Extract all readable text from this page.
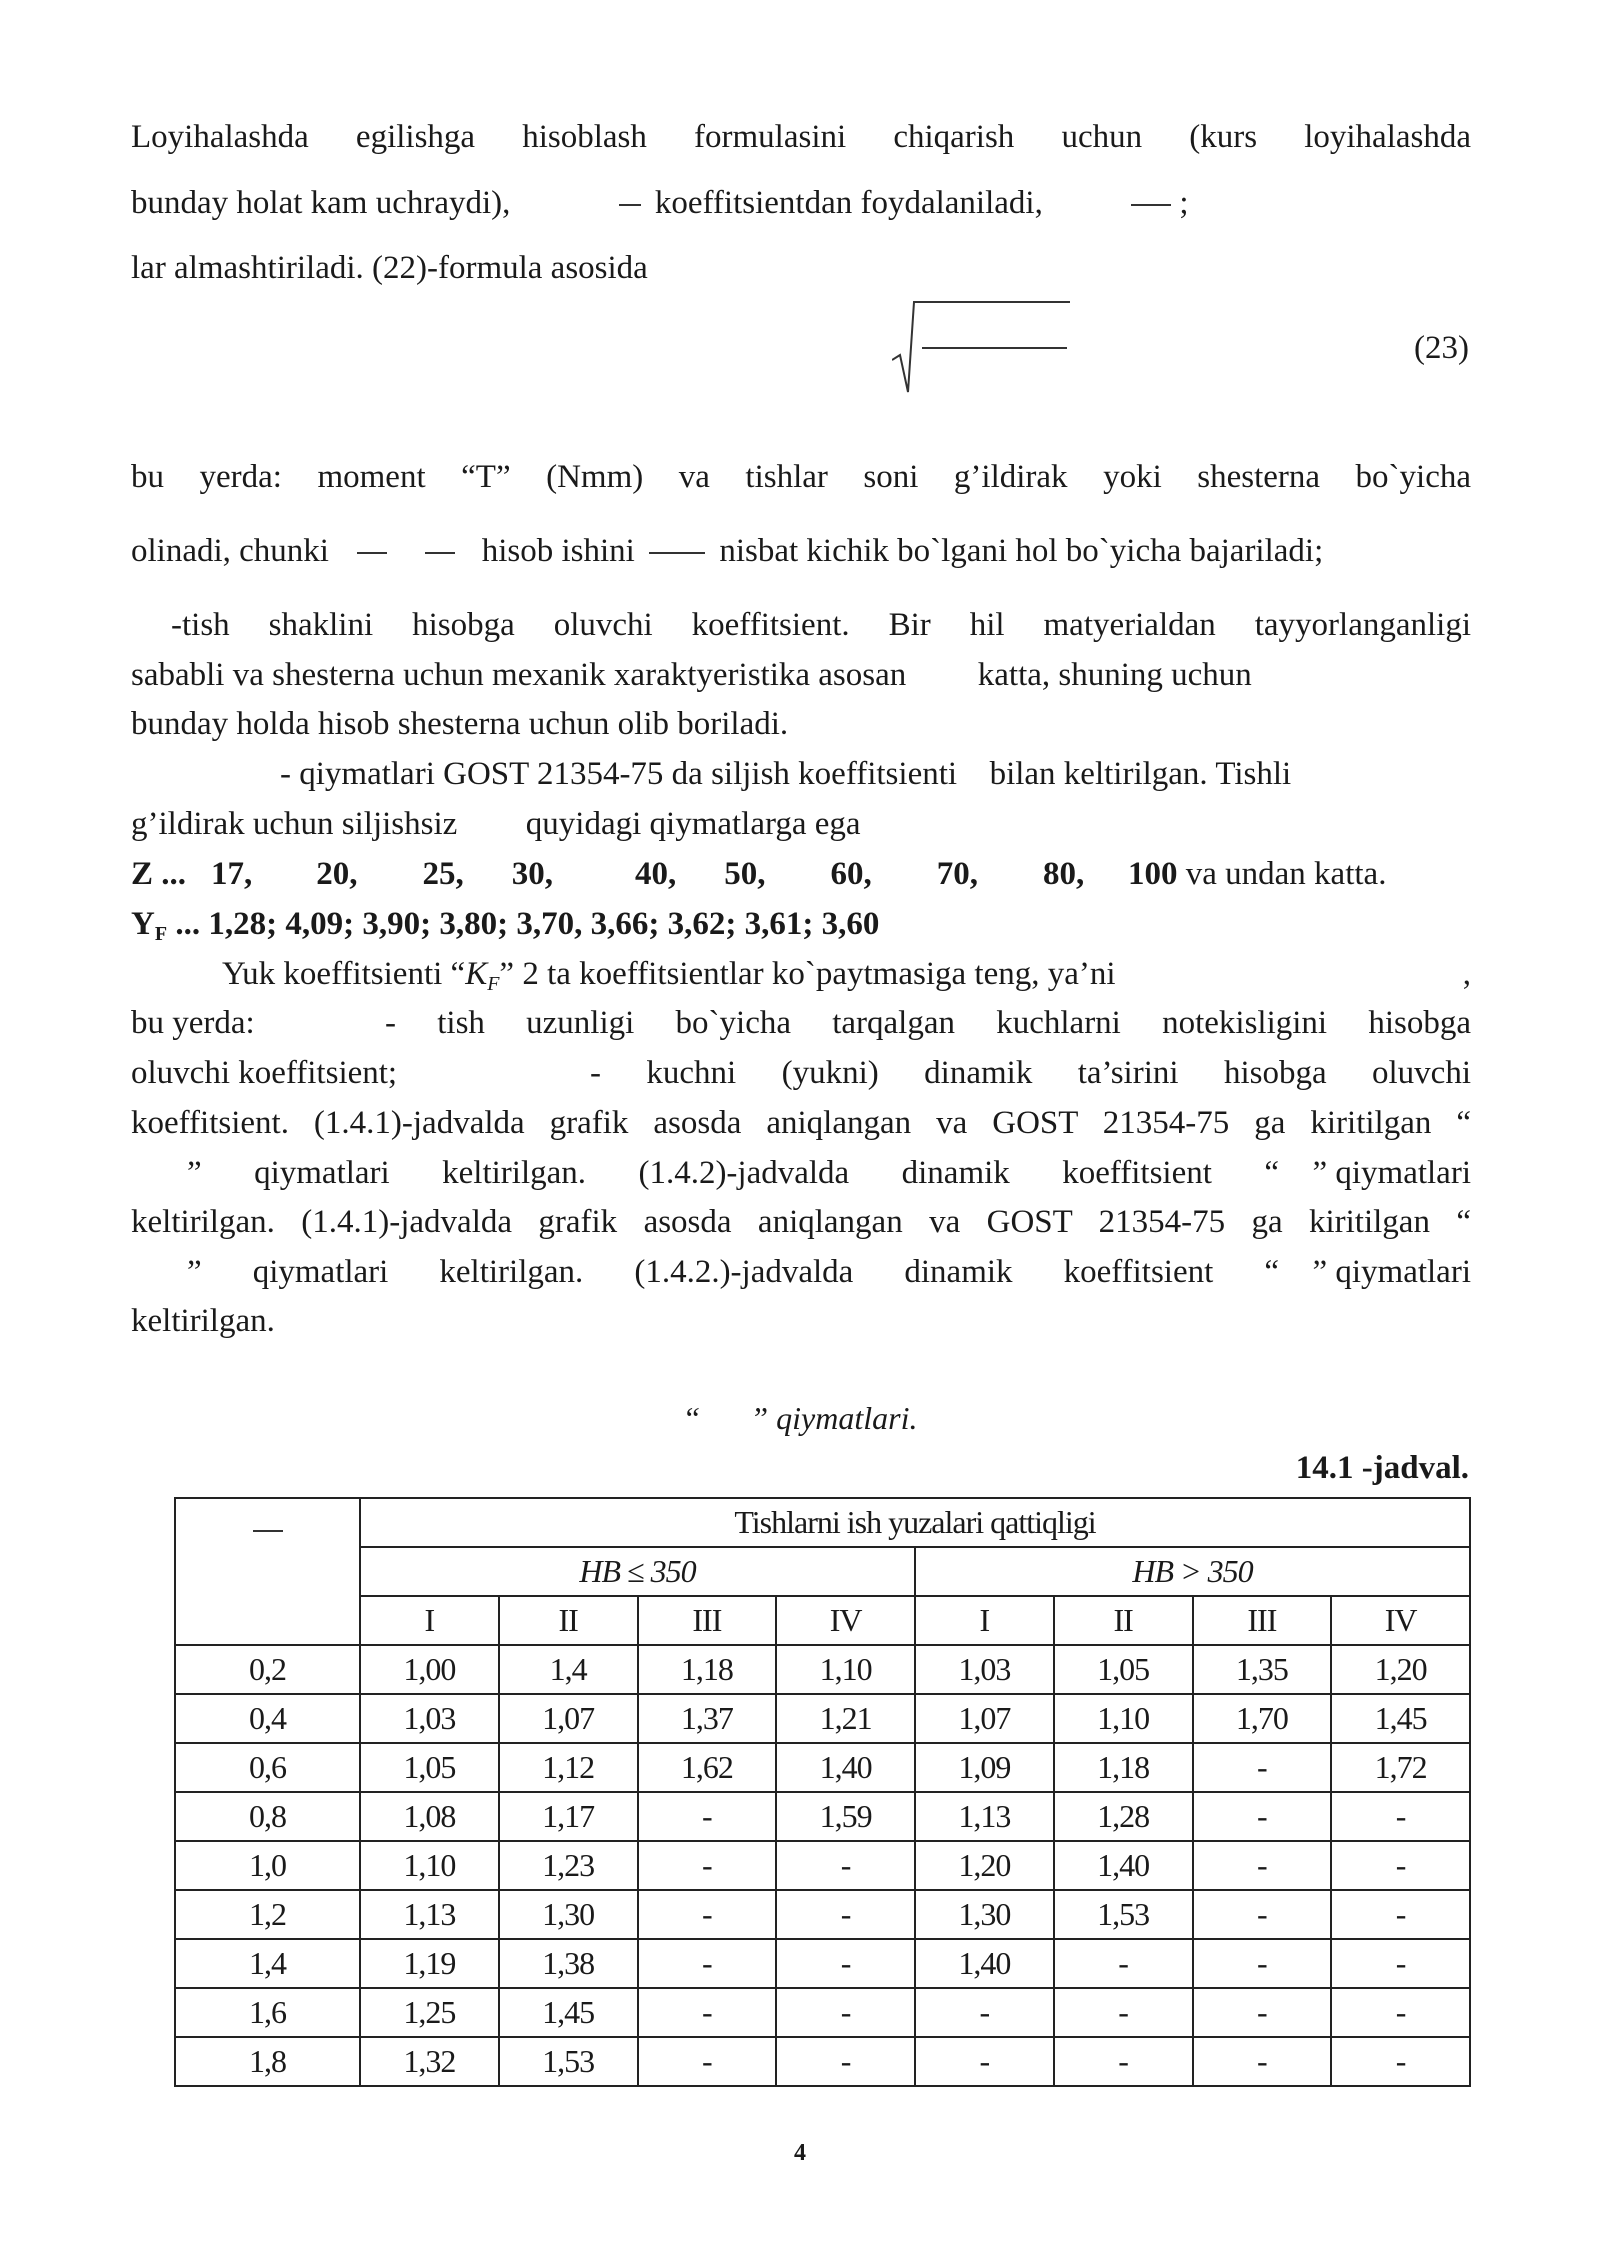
Loyihalashda egilishga hisoblash formulasini chiqarish uchun (kurs loyihalashda
bunday holat kam uchraydi),	koeffitsientdan foydalaniladi,	;
lar almashtiriladi. (22)-formula asosida
(23)
bu yerda: moment “T” (Nmm) va tishlar soni g’ildirak yoki shesterna bo`yicha
olinadi, chunki	hisob ishini	nisbat kichik bo`lgani hol bo`yicha bajariladi;
-tish shaklini hisobga oluvchi koeffitsient. Bir hil matyerialdan tayyorlanganligi
sababli va shesterna uchun mexanik xaraktyeristika asosan katta, shuning uchun
bunday holda hisob shesterna uchun olib boriladi.
- qiymatlari GOST 21354-75 da siljish koeffitsienti bilan keltirilgan. Tishli
g’ildirak uchun siljishsiz quyidagi qiymatlarga ega
Z ... 17, 20, 25, 30, 40, 50, 60, 70, 80, 100 va undan katta.
$Y_F$ ... 1,28; 4,09; 3,90; 3,80; 3,70, 3,66; 3,62; 3,61; 3,60
Yuk koeffitsienti “$K_F$” 2 ta koeffitsientlar ko`paytmasiga teng, ya’ni	,
bu yerda:	- tish uzunligi bo`yicha tarqalgan kuchlarni notekisligini hisobga
oluvchi koeffitsient;	- kuchni (yukni) dinamik ta’sirini hisobga oluvchi
koeffitsient. (1.4.1)-jadvalda grafik asosda aniqlangan va GOST 21354-75 ga kiritilgan “
” qiymatlari keltirilgan. (1.4.2)-jadvalda dinamik koeffitsient “ ” qiymatlari
keltirilgan. (1.4.1)-jadvalda grafik asosda aniqlangan va GOST 21354-75 ga kiritilgan “
” qiymatlari keltirilgan. (1.4.2.)-jadvalda dinamik koeffitsient “ ” qiymatlari
keltirilgan.
“ ” qiymatlari.
14.1 -jadval.
	Tishlarni ish yuzalari qattiqligi							
	HB ≤ 350				HB > 350			
	I	II	III	IV	I	II	III	IV
0,2	1,00	1,4	1,18	1,10	1,03	1,05	1,35	1,20
0,4	1,03	1,07	1,37	1,21	1,07	1,10	1,70	1,45
0,6	1,05	1,12	1,62	1,40	1,09	1,18	-	1,72
0,8	1,08	1,17	-	1,59	1,13	1,28	-	-
1,0	1,10	1,23	-	-	1,20	1,40	-	-
1,2	1,13	1,30	-	-	1,30	1,53	-	-
1,4	1,19	1,38	-	-	1,40	-	-	-
1,6	1,25	1,45	-	-	-	-	-	-
1,8	1,32	1,53	-	-	-	-	-	-
4
